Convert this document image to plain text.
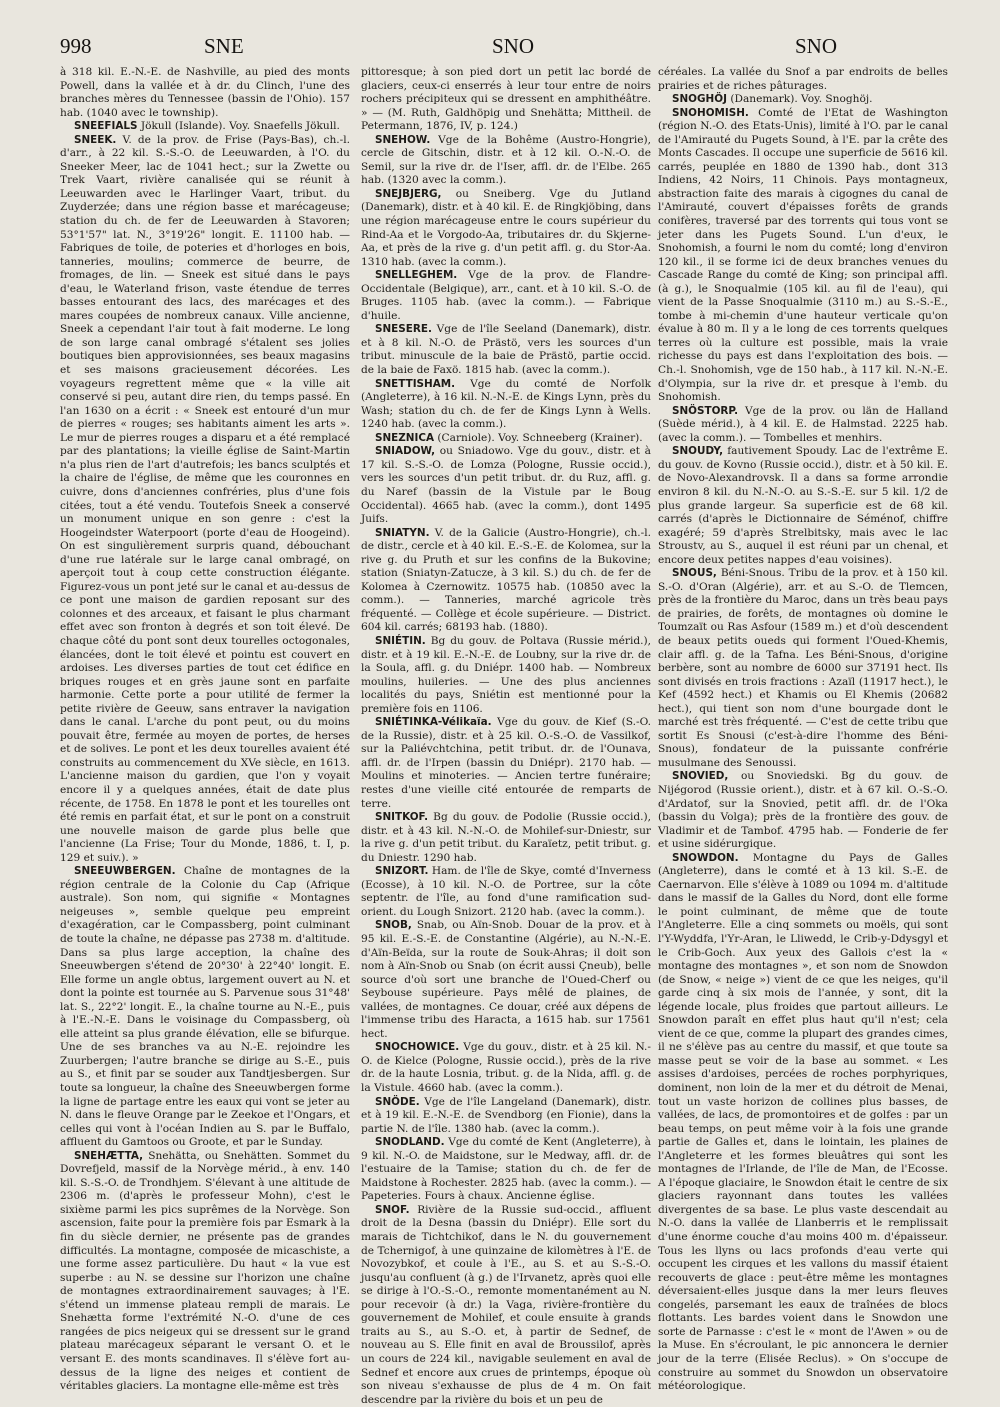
998	SNE	SNO	SNO

à 318 kil. E.-N.-E. de Nashville, au pied des monts Powell, dans la vallée et à dr. du Clinch, l'une des branches mères du Tennessee (bassin de l'Ohio). 157 hab. (1040 avec le township).

SNEEFIALS Jökull (Islande). Voy. Snaefells Jökull.

SNEEK. V. de la prov. de Frise (Pays-Bas), ch.-l. d'arr., à 22 kil. S.-S.-O. de Leeuwarden, à l'O. du Sneeker Meer, lac de 1041 hect.; sur la Zwette ou Trek Vaart, rivière canalisée qui se réunit à Leeuwarden avec le Harlinger Vaart, tribut. du Zuyderzée; dans une région basse et marécageuse; station du ch. de fer de Leeuwarden à Stavoren; 53°1'57" lat. N., 3°19'26" longit. E. 11100 hab. — Fabriques de toile, de poteries et d'horloges en bois, tanneries, moulins; commerce de beurre, de fromages, de lin. — Sneek est situé dans le pays d'eau, le Waterland frison, vaste étendue de terres basses entourant des lacs, des marécages et des mares coupées de nombreux canaux. Ville ancienne, Sneek a cependant l'air tout à fait moderne. Le long de son large canal ombragé s'étalent ses jolies boutiques bien approvisionnées, ses beaux magasins et ses maisons gracieusement décorées. Les voyageurs regrettent même que « la ville ait conservé si peu, autant dire rien, du temps passé. En l'an 1630 on a écrit : « Sneek est entouré d'un mur de pierres « rouges; ses habitants aiment les arts ». Le mur de pierres rouges a disparu et a été remplacé par des plantations; la vieille église de Saint-Martin n'a plus rien de l'art d'autrefois; les bancs sculptés et la chaire de l'église, de même que les couronnes en cuivre, dons d'anciennes confréries, plus d'une fois citées, tout a été vendu. Toutefois Sneek a conservé un monument unique en son genre : c'est la Hoogeindster Waterpoort (porte d'eau de Hoogeind). On est singulièrement surpris quand, débouchant d'une rue latérale sur le large canal ombragé, on aperçoit tout à coup cette construction élégante. Figurez-vous un pont jeté sur le canal et au-dessus de ce pont une maison de gardien reposant sur des colonnes et des arceaux, et faisant le plus charmant effet avec son fronton à degrés et son toit élevé. De chaque côté du pont sont deux tourelles octogonales, élancées, dont le toit élevé et pointu est couvert en ardoises. Les diverses parties de tout cet édifice en briques rouges et en grès jaune sont en parfaite harmonie. Cette porte a pour utilité de fermer la petite rivière de Geeuw, sans entraver la navigation dans le canal. L'arche du pont peut, ou du moins pouvait être, fermée au moyen de portes, de herses et de solives. Le pont et les deux tourelles avaient été construits au commencement du XVe siècle, en 1613. L'ancienne maison du gardien, que l'on y voyait encore il y a quelques années, était de date plus récente, de 1758. En 1878 le pont et les tourelles ont été remis en parfait état, et sur le pont on a construit une nouvelle maison de garde plus belle que l'ancienne (La Frise; Tour du Monde, 1886, t. I, p. 129 et suiv.). »

SNEEUWBERGEN. Chaîne de montagnes de la région centrale de la Colonie du Cap (Afrique australe). Son nom, qui signifie « Montagnes neigeuses », semble quelque peu empreint d'exagération, car le Compassberg, point culminant de toute la chaîne, ne dépasse pas 2738 m. d'altitude. Dans sa plus large acception, la chaîne des Sneeuwbergen s'étend de 20°30' à 22°40' longit. E. Elle forme un angle obtus, largement ouvert au N. et dont la pointe est tournée au S. Parvenue sous 31°48' lat. S., 22°2' longit. E., la chaîne tourne au N.-E., puis à l'E.-N.-E. Dans le voisinage du Compassberg, où elle atteint sa plus grande élévation, elle se bifurque. Une de ses branches va au N.-E. rejoindre les Zuurbergen; l'autre branche se dirige au S.-E., puis au S., et finit par se souder aux Tandtjesbergen. Sur toute sa longueur, la chaîne des Sneeuwbergen forme la ligne de partage entre les eaux qui vont se jeter au N. dans le fleuve Orange par le Zeekoe et l'Ongars, et celles qui vont à l'océan Indien au S. par le Buffalo, affluent du Gamtoos ou Groote, et par le Sunday.

SNEHÆTTA, Snehätta, ou Snehätten. Sommet du Dovrefjeld, massif de la Norvège mérid., à env. 140 kil. S.-S.-O. de Trondhjem. S'élevant à une altitude de 2306 m. (d'après le professeur Mohn), c'est le sixième parmi les pics suprêmes de la Norvège. Son ascension, faite pour la première fois par Esmark à la fin du siècle dernier, ne présente pas de grandes difficultés. La montagne, composée de micaschiste, a une forme assez particulière. Du haut « la vue est superbe : au N. se dessine sur l'horizon une chaîne de montagnes extraordinairement sauvages; à l'E. s'étend un immense plateau rempli de marais. Le Snehætta forme l'extrémité N.-O. d'une de ces rangées de pics neigeux qui se dressent sur le grand plateau marécageux séparant le versant O. et le versant E. des monts scandinaves. Il s'élève fort au-dessus de la ligne des neiges et contient de véritables glaciers. La montagne elle-même est très

pittoresque; à son pied dort un petit lac bordé de glaciers, ceux-ci enserrés à leur tour entre de noirs rochers précipiteux qui se dressent en amphithéâtre. » — (M. Ruth, Galdhöpig und Snehätta; Mittheil. de Petermann, 1876, IV, p. 124.)

SNEHOW. Vge de la Bohême (Austro-Hongrie), cercle de Gitschin, distr. et à 12 kil. O.-N.-O. de Semil, sur la rive dr. de l'Iser, affl. dr. de l'Elbe. 265 hab. (1320 avec la comm.).

SNEJBJERG, ou Sneiberg. Vge du Jutland (Danemark), distr. et à 40 kil. E. de Ringkjöbing, dans une région marécageuse entre le cours supérieur du Rind-Aa et le Vorgodo-Aa, tributaires dr. du Skjerne-Aa, et près de la rive g. d'un petit affl. g. du Stor-Aa. 1310 hab. (avec la comm.).

SNELLEGHEM. Vge de la prov. de Flandre-Occidentale (Belgique), arr., cant. et à 10 kil. S.-O. de Bruges. 1105 hab. (avec la comm.). — Fabrique d'huile.

SNESERE. Vge de l'île Seeland (Danemark), distr. et à 8 kil. N.-O. de Prästö, vers les sources d'un tribut. minuscule de la baie de Prästö, partie occid. de la baie de Faxö. 1815 hab. (avec la comm.).

SNETTISHAM. Vge du comté de Norfolk (Angleterre), à 16 kil. N.-N.-E. de Kings Lynn, près du Wash; station du ch. de fer de Kings Lynn à Wells. 1240 hab. (avec la comm.).

SNEZNICA (Carniole). Voy. Schneeberg (Krainer).

SNIADOW, ou Sniadowo. Vge du gouv., distr. et à 17 kil. S.-S.-O. de Lomza (Pologne, Russie occid.), vers les sources d'un petit tribut. dr. du Ruz, affl. g. du Naref (bassin de la Vistule par le Boug Occidental). 4665 hab. (avec la comm.), dont 1495 Juifs.

SNIATYN. V. de la Galicie (Austro-Hongrie), ch.-l. de distr., cercle et à 40 kil. E.-S.-E. de Kolomea, sur la rive g. du Pruth et sur les confins de la Bukovine; station (Sniatyn-Zatucze, à 3 kil. S.) du ch. de fer de Kolomea à Czernowitz. 10575 hab. (10850 avec la comm.). — Tanneries, marché agricole très fréquenté. — Collège et école supérieure. — District. 604 kil. carrés; 68193 hab. (1880).

SNIÉTIN. Bg du gouv. de Poltava (Russie mérid.), distr. et à 19 kil. E.-N.-E. de Loubny, sur la rive dr. de la Soula, affl. g. du Dniépr. 1400 hab. — Nombreux moulins, huileries. — Une des plus anciennes localités du pays, Sniétin est mentionné pour la première fois en 1106.

SNIÉTINKA-Vélikaïa. Vge du gouv. de Kief (S.-O. de la Russie), distr. et à 25 kil. O.-S.-O. de Vassilkof, sur la Paliévchtchina, petit tribut. dr. de l'Ounava, affl. dr. de l'Irpen (bassin du Dniépr). 2170 hab. — Moulins et minoteries. — Ancien tertre funéraire; restes d'une vieille cité entourée de remparts de terre.

SNITKOF. Bg du gouv. de Podolie (Russie occid.), distr. et à 43 kil. N.-N.-O. de Mohilef-sur-Dniestr, sur la rive g. d'un petit tribut. du Karaïetz, petit tribut. g. du Dniestr. 1290 hab.

SNIZORT. Ham. de l'île de Skye, comté d'Inverness (Ecosse), à 10 kil. N.-O. de Portree, sur la côte septentr. de l'île, au fond d'une ramification sud-orient. du Lough Snizort. 2120 hab. (avec la comm.).

SNOB, Snab, ou Aïn-Snob. Douar de la prov. et à 95 kil. E.-S.-E. de Constantine (Algérie), au N.-N.-E. d'Aïn-Beïda, sur la route de Souk-Ahras; il doit son nom à Aïn-Snob ou Snab (on écrit aussi Çneub), belle source d'où sort une branche de l'Oued-Cherf ou Seybouse supérieure. Pays mêlé de plaines, de vallées, de montagnes. Ce douar, créé aux dépens de l'immense tribu des Haracta, a 1615 hab. sur 17561 hect.

SNOCHOWICE. Vge du gouv., distr. et à 25 kil. N.-O. de Kielce (Pologne, Russie occid.), près de la rive dr. de la haute Losnia, tribut. g. de la Nida, affl. g. de la Vistule. 4660 hab. (avec la comm.).

SNÖDE. Vge de l'île Langeland (Danemark), distr. et à 19 kil. E.-N.-E. de Svendborg (en Fionie), dans la partie N. de l'île. 1380 hab. (avec la comm.).

SNODLAND. Vge du comté de Kent (Angleterre), à 9 kil. N.-O. de Maidstone, sur le Medway, affl. dr. de l'estuaire de la Tamise; station du ch. de fer de Maidstone à Rochester. 2825 hab. (avec la comm.). — Papeteries. Fours à chaux. Ancienne église.

SNOF. Rivière de la Russie sud-occid., affluent droit de la Desna (bassin du Dniépr). Elle sort du marais de Tichtchikof, dans le N. du gouvernement de Tchernigof, à une quinzaine de kilomètres à l'E. de Novozybkof, et coule à l'E., au S. et au S.-S.-O. jusqu'au confluent (à g.) de l'Irvanetz, après quoi elle se dirige à l'O.-S.-O., remonte momentanément au N. pour recevoir (à dr.) la Vaga, rivière-frontière du gouvernement de Mohilef, et coule ensuite à grands traits au S., au S.-O. et, à partir de Sednef, de nouveau au S. Elle finit en aval de Broussilof, après un cours de 224 kil., navigable seulement en aval de Sednef et encore aux crues de printemps, époque où son niveau s'exhausse de plus de 4 m. On fait descendre par la rivière du bois et un peu de

céréales. La vallée du Snof a par endroits de belles prairies et de riches pâturages.

SNOGHÖJ (Danemark). Voy. Snoghöj.

SNOHOMISH. Comté de l'Etat de Washington (région N.-O. des Etats-Unis), limité à l'O. par le canal de l'Amirauté du Pugets Sound, à l'E. par la crête des Monts Cascades. Il occupe une superficie de 5616 kil. carrés, peuplée en 1880 de 1390 hab., dont 313 Indiens, 42 Noirs, 11 Chinois. Pays montagneux, abstraction faite des marais à cigognes du canal de l'Amirauté, couvert d'épaisses forêts de grands conifères, traversé par des torrents qui tous vont se jeter dans les Pugets Sound. L'un d'eux, le Snohomish, a fourni le nom du comté; long d'environ 120 kil., il se forme ici de deux branches venues du Cascade Range du comté de King; son principal affl. (à g.), le Snoqualmie (105 kil. au fil de l'eau), qui vient de la Passe Snoqualmie (3110 m.) au S.-S.-E., tombe à mi-chemin d'une hauteur verticale qu'on évalue à 80 m. Il y a le long de ces torrents quelques terres où la culture est possible, mais la vraie richesse du pays est dans l'exploitation des bois. — Ch.-l. Snohomish, vge de 150 hab., à 117 kil. N.-N.-E. d'Olympia, sur la rive dr. et presque à l'emb. du Snohomish.

SNÖSTORP. Vge de la prov. ou län de Halland (Suède mérid.), à 4 kil. E. de Halmstad. 2225 hab. (avec la comm.). — Tombelles et menhirs.

SNOUDY, fautivement Spoudy. Lac de l'extrême E. du gouv. de Kovno (Russie occid.), distr. et à 50 kil. E. de Novo-Alexandrovsk. Il a dans sa forme arrondie environ 8 kil. du N.-N.-O. au S.-S.-E. sur 5 kil. 1/2 de plus grande largeur. Sa superficie est de 68 kil. carrés (d'après le Dictionnaire de Séménof, chiffre exagéré; 59 d'après Strelbitsky, mais avec le lac Stroustv, au S., auquel il est réuni par un chenal, et encore deux petites nappes d'eau voisines).

SNOUS, Béni-Snous. Tribu de la prov. et à 150 kil. S.-O. d'Oran (Algérie), arr. et au S.-O. de Tlemcen, près de la frontière du Maroc, dans un très beau pays de prairies, de forêts, de montagnes où domine le Toumzaït ou Ras Asfour (1589 m.) et d'où descendent de beaux petits oueds qui forment l'Oued-Khemis, clair affl. g. de la Tafna. Les Béni-Snous, d'origine berbère, sont au nombre de 6000 sur 37191 hect. Ils sont divisés en trois fractions : Azaïl (11917 hect.), le Kef (4592 hect.) et Khamis ou El Khemis (20682 hect.), qui tient son nom d'une bourgade dont le marché est très fréquenté. — C'est de cette tribu que sortit Es Snousi (c'est-à-dire l'homme des Béni-Snous), fondateur de la puissante confrérie musulmane des Senoussi.

SNOVIED, ou Snoviedski. Bg du gouv. de Nijégorod (Russie orient.), distr. et à 67 kil. O.-S.-O. d'Ardatof, sur la Snovied, petit affl. dr. de l'Oka (bassin du Volga); près de la frontière des gouv. de Vladimir et de Tambof. 4795 hab. — Fonderie de fer et usine sidérurgique.

SNOWDON. Montagne du Pays de Galles (Angleterre), dans le comté et à 13 kil. S.-E. de Caernarvon. Elle s'élève à 1089 ou 1094 m. d'altitude dans le massif de la Galles du Nord, dont elle forme le point culminant, de même que de toute l'Angleterre. Elle a cinq sommets ou moëls, qui sont l'Y-Wyddfa, l'Yr-Aran, le Lliwedd, le Crib-y-Ddysgyl et le Crib-Goch. Aux yeux des Gallois c'est la « montagne des montagnes », et son nom de Snowdon (de Snow, « neige ») vient de ce que les neiges, qu'il garde cinq à six mois de l'année, y sont, dit la légende locale, plus froides que partout ailleurs. Le Snowdon paraît en effet plus haut qu'il n'est; cela vient de ce que, comme la plupart des grandes cimes, il ne s'élève pas au centre du massif, et que toute sa masse peut se voir de la base au sommet. « Les assises d'ardoises, percées de roches porphyriques, dominent, non loin de la mer et du détroit de Menai, tout un vaste horizon de collines plus basses, de vallées, de lacs, de promontoires et de golfes : par un beau temps, on peut même voir à la fois une grande partie de Galles et, dans le lointain, les plaines de l'Angleterre et les formes bleuâtres qui sont les montagnes de l'Irlande, de l'île de Man, de l'Ecosse. A l'époque glaciaire, le Snowdon était le centre de six glaciers rayonnant dans toutes les vallées divergentes de sa base. Le plus vaste descendait au N.-O. dans la vallée de Llanberris et le remplissait d'une énorme couche d'au moins 400 m. d'épaisseur. Tous les llyns ou lacs profonds d'eau verte qui occupent les cirques et les vallons du massif étaient recouverts de glace : peut-être même les montagnes déversaient-elles jusque dans la mer leurs fleuves congelés, parsemant les eaux de traînées de blocs flottants. Les bardes voient dans le Snowdon une sorte de Parnasse : c'est le « mont de l'Awen » ou de la Muse. En s'écroulant, le pic annoncera le dernier jour de la terre (Elisée Reclus). » On s'occupe de construire au sommet du Snowdon un observatoire météorologique.
